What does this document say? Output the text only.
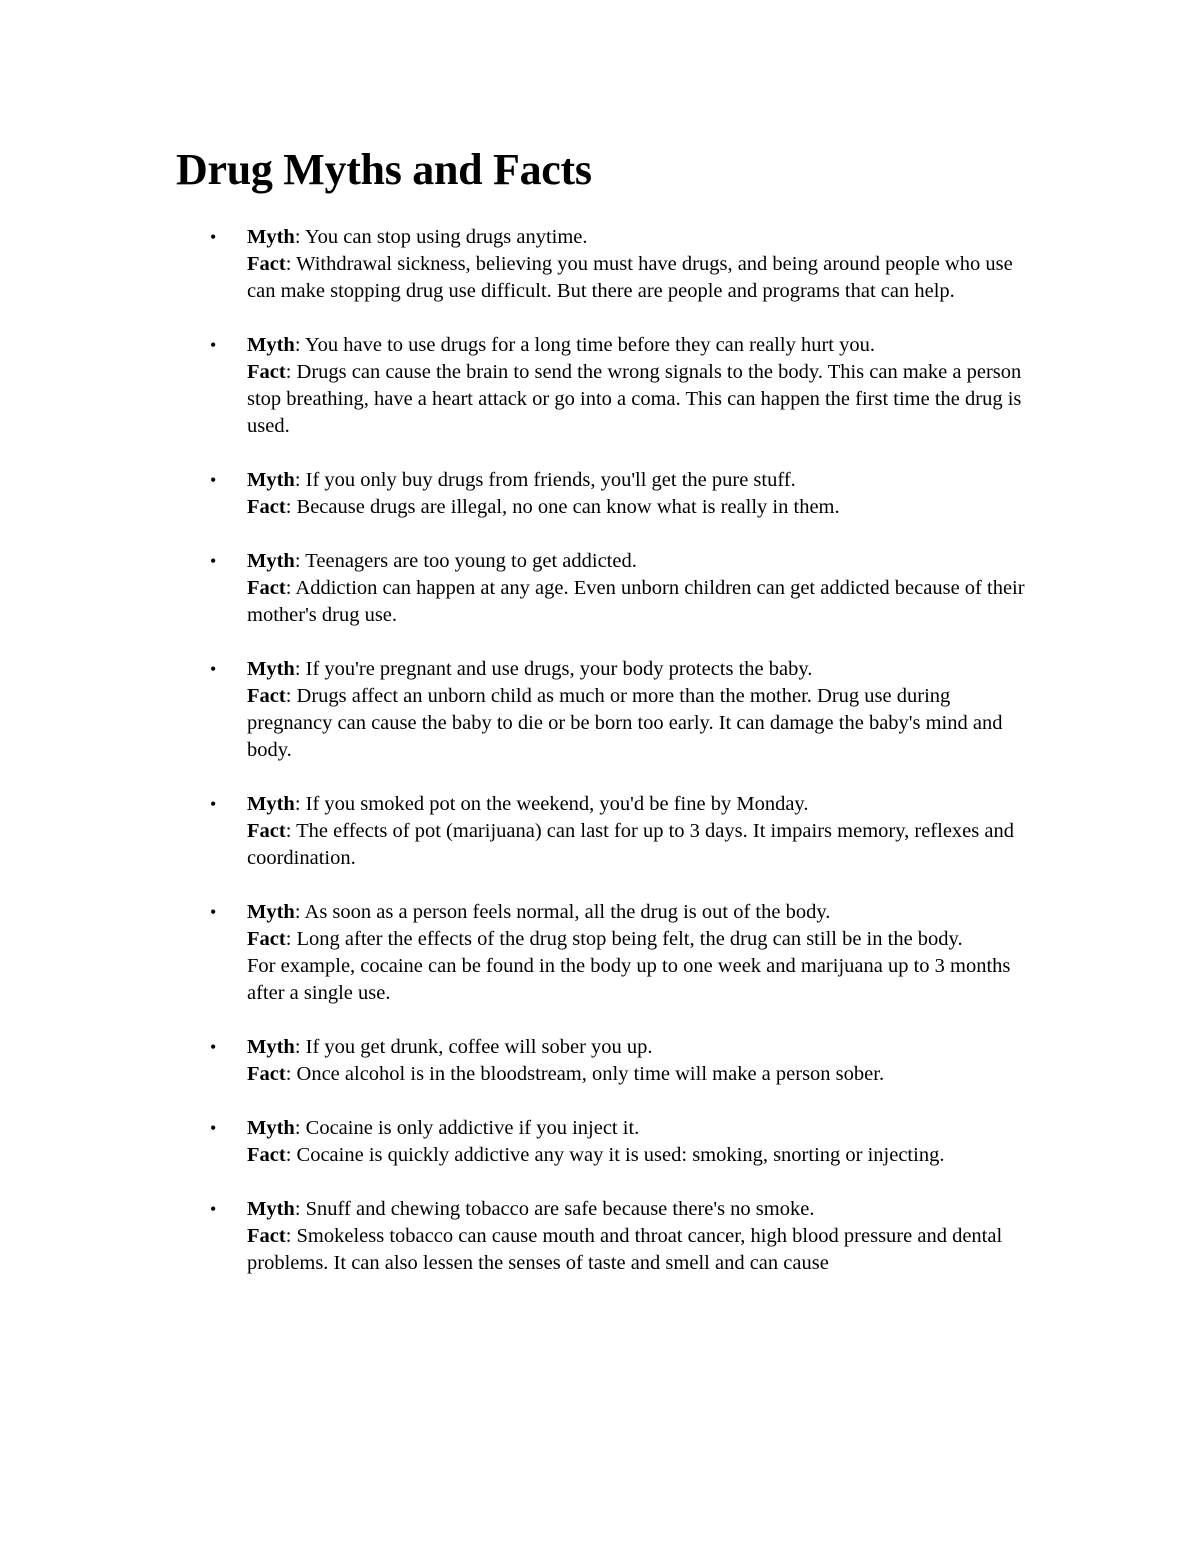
Drug Myths and Facts
• Myth: You can stop using drugs anytime.
Fact: Withdrawal sickness, believing you must have drugs, and being around people who use can make stopping drug use difficult. But there are people and programs that can help.
• Myth: You have to use drugs for a long time before they can really hurt you.
Fact: Drugs can cause the brain to send the wrong signals to the body. This can make a person stop breathing, have a heart attack or go into a coma. This can happen the first time the drug is used.
• Myth: If you only buy drugs from friends, you'll get the pure stuff.
Fact: Because drugs are illegal, no one can know what is really in them.
• Myth: Teenagers are too young to get addicted.
Fact: Addiction can happen at any age. Even unborn children can get addicted because of their mother's drug use.
• Myth: If you're pregnant and use drugs, your body protects the baby.
Fact: Drugs affect an unborn child as much or more than the mother. Drug use during pregnancy can cause the baby to die or be born too early. It can damage the baby's mind and body.
• Myth: If you smoked pot on the weekend, you'd be fine by Monday.
Fact: The effects of pot (marijuana) can last for up to 3 days. It impairs memory, reflexes and coordination.
• Myth: As soon as a person feels normal, all the drug is out of the body.
Fact: Long after the effects of the drug stop being felt, the drug can still be in the body.
For example, cocaine can be found in the body up to one week and marijuana up to 3 months after a single use.
• Myth: If you get drunk, coffee will sober you up.
Fact: Once alcohol is in the bloodstream, only time will make a person sober.
• Myth: Cocaine is only addictive if you inject it.
Fact: Cocaine is quickly addictive any way it is used: smoking, snorting or injecting.
• Myth: Snuff and chewing tobacco are safe because there's no smoke.
Fact: Smokeless tobacco can cause mouth and throat cancer, high blood pressure and dental problems. It can also lessen the senses of taste and smell and can cause
